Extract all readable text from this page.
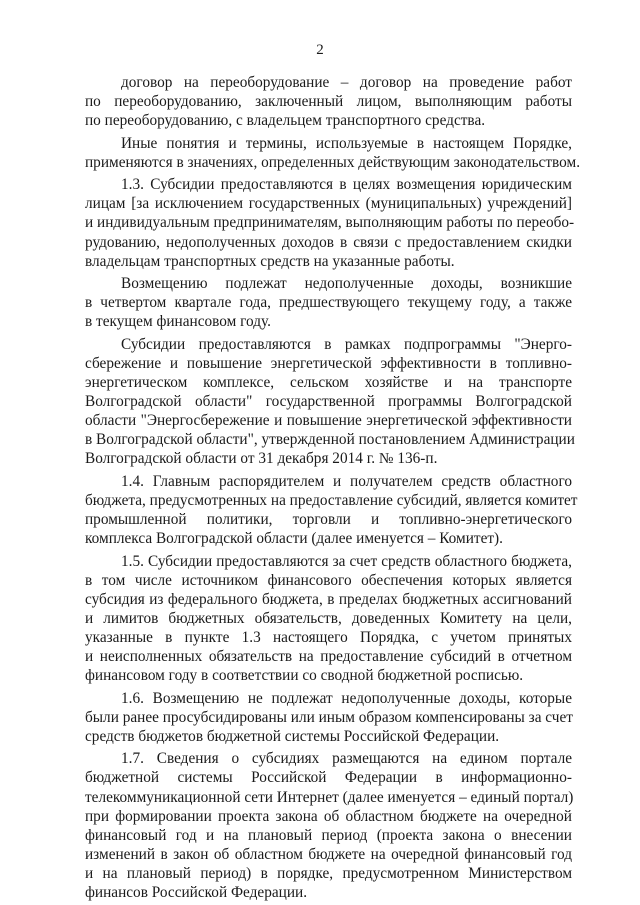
2
договор на переоборудование – договор на проведение работ
по переоборудованию, заключенный лицом, выполняющим работы
по переоборудованию, с владельцем транспортного средства.
Иные понятия и термины, используемые в настоящем Порядке,
применяются в значениях, определенных действующим законодательством.
1.3. Субсидии предоставляются в целях возмещения юридическим
лицам [за исключением государственных (муниципальных) учреждений]
и индивидуальным предпринимателям, выполняющим работы по переобо-
рудованию, недополученных доходов в связи с предоставлением скидки
владельцам транспортных средств на указанные работы.
Возмещению подлежат недополученные доходы, возникшие
в четвертом квартале года, предшествующего текущему году, а также
в текущем финансовом году.
Субсидии предоставляются в рамках подпрограммы "Энерго-
сбережение и повышение энергетической эффективности в топливно-
энергетическом комплексе, сельском хозяйстве и на транспорте
Волгоградской области" государственной программы Волгоградской
области "Энергосбережение и повышение энергетической эффективности
в Волгоградской области", утвержденной постановлением Администрации
Волгоградской области от 31 декабря 2014 г. № 136-п.
1.4. Главным распорядителем и получателем средств областного
бюджета, предусмотренных на предоставление субсидий, является комитет
промышленной политики, торговли и топливно-энергетического
комплекса Волгоградской области (далее именуется – Комитет).
1.5. Субсидии предоставляются за счет средств областного бюджета,
в том числе источником финансового обеспечения которых является
субсидия из федерального бюджета, в пределах бюджетных ассигнований
и лимитов бюджетных обязательств, доведенных Комитету на цели,
указанные в пункте 1.3 настоящего Порядка, с учетом принятых
и неисполненных обязательств на предоставление субсидий в отчетном
финансовом году в соответствии со сводной бюджетной росписью.
1.6. Возмещению не подлежат недополученные доходы, которые
были ранее просубсидированы или иным образом компенсированы за счет
средств бюджетов бюджетной системы Российской Федерации.
1.7. Сведения о субсидиях размещаются на едином портале
бюджетной системы Российской Федерации в информационно-
телекоммуникационной сети Интернет (далее именуется – единый портал)
при формировании проекта закона об областном бюджете на очередной
финансовый год и на плановый период (проекта закона о внесении
изменений в закон об областном бюджете на очередной финансовый год
и на плановый период) в порядке, предусмотренном Министерством
финансов Российской Федерации.
